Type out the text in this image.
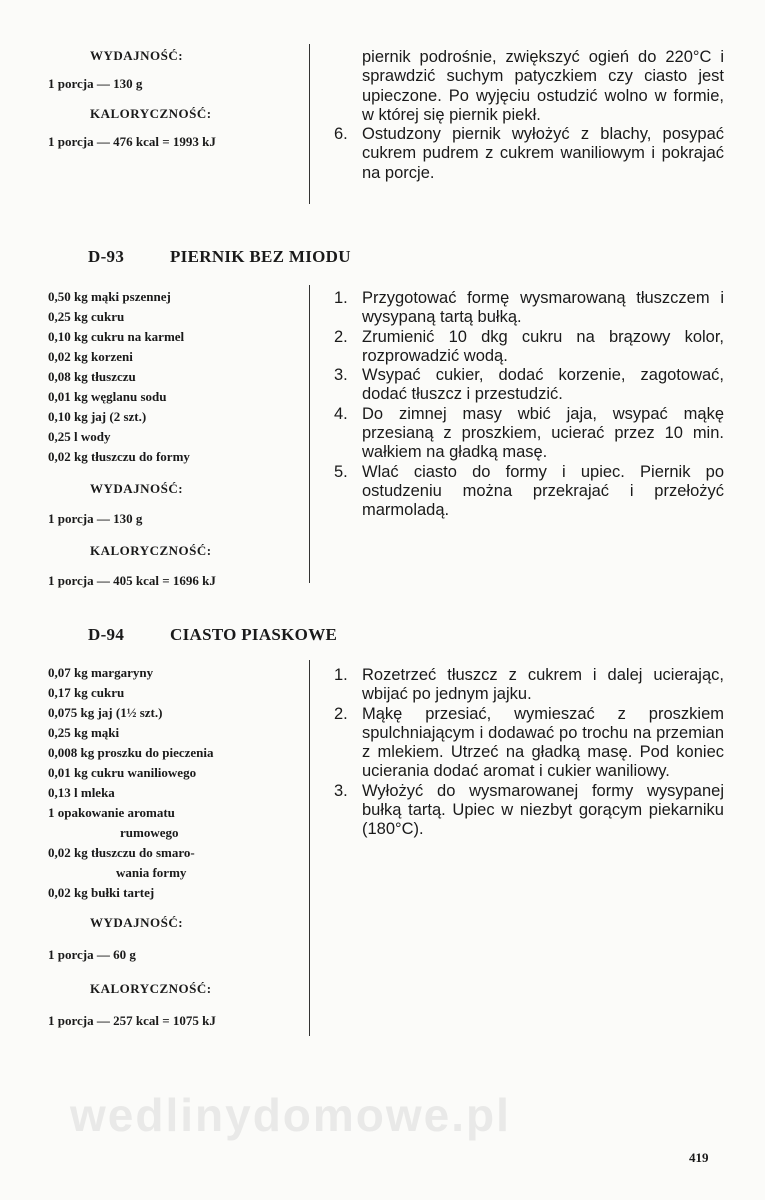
WYDAJNOŚĆ:
1 porcja — 130 g
KALORYCZNOŚĆ:
1 porcja — 476 kcal = 1993 kJ
piernik podrośnie, zwiększyć ogień do 220°C i sprawdzić suchym patyczkiem czy ciasto jest upieczone. Po wyjęciu ostudzić wolno w formie, w której się piernik piekł.
6. Ostudzony piernik wyłożyć z blachy, posypać cukrem pudrem z cukrem waniliowym i pokrajać na porcje.
D-93	PIERNIK BEZ MIODU
0,50 kg mąki pszennej
0,25 kg cukru
0,10 kg cukru na karmel
0,02 kg korzeni
0,08 kg tłuszczu
0,01 kg węglanu sodu
0,10 kg jaj (2 szt.)
0,25 l wody
0,02 kg tłuszczu do formy
WYDAJNOŚĆ:
1 porcja — 130 g
KALORYCZNOŚĆ:
1 porcja — 405 kcal = 1696 kJ
1. Przygotować formę wysmarowaną tłuszczem i wysypaną tartą bułką.
2. Zrumienić 10 dkg cukru na brązowy kolor, rozprowadzić wodą.
3. Wsypać cukier, dodać korzenie, zagotować, dodać tłuszcz i przestudzić.
4. Do zimnej masy wbić jaja, wsypać mąkę przesianą z proszkiem, ucierać przez 10 min. wałkiem na gładką masę.
5. Wlać ciasto do formy i upiec. Piernik po ostudzeniu można przekrajać i przełożyć marmoladą.
D-94	CIASTO PIASKOWE
0,07 kg margaryny
0,17 kg cukru
0,075 kg jaj (1½ szt.)
0,25 kg mąki
0,008 kg proszku do pieczenia
0,01 kg cukru waniliowego
0,13 l mleka
1 opakowanie aromatu
rumowego
0,02 kg tłuszczu do smaro-
wania formy
0,02 kg bułki tartej
WYDAJNOŚĆ:
1 porcja — 60 g
KALORYCZNOŚĆ:
1 porcja — 257 kcal = 1075 kJ
1. Rozetrzeć tłuszcz z cukrem i dalej ucierając, wbijać po jednym jajku.
2. Mąkę przesiać, wymieszać z proszkiem spulchniającym i dodawać po trochu na przemian z mlekiem. Utrzeć na gładką masę. Pod koniec ucierania dodać aromat i cukier waniliowy.
3. Wyłożyć do wysmarowanej formy wysypanej bułką tartą. Upiec w niezbyt gorącym piekarniku (180°C).
wedlinydomowe.pl
419
